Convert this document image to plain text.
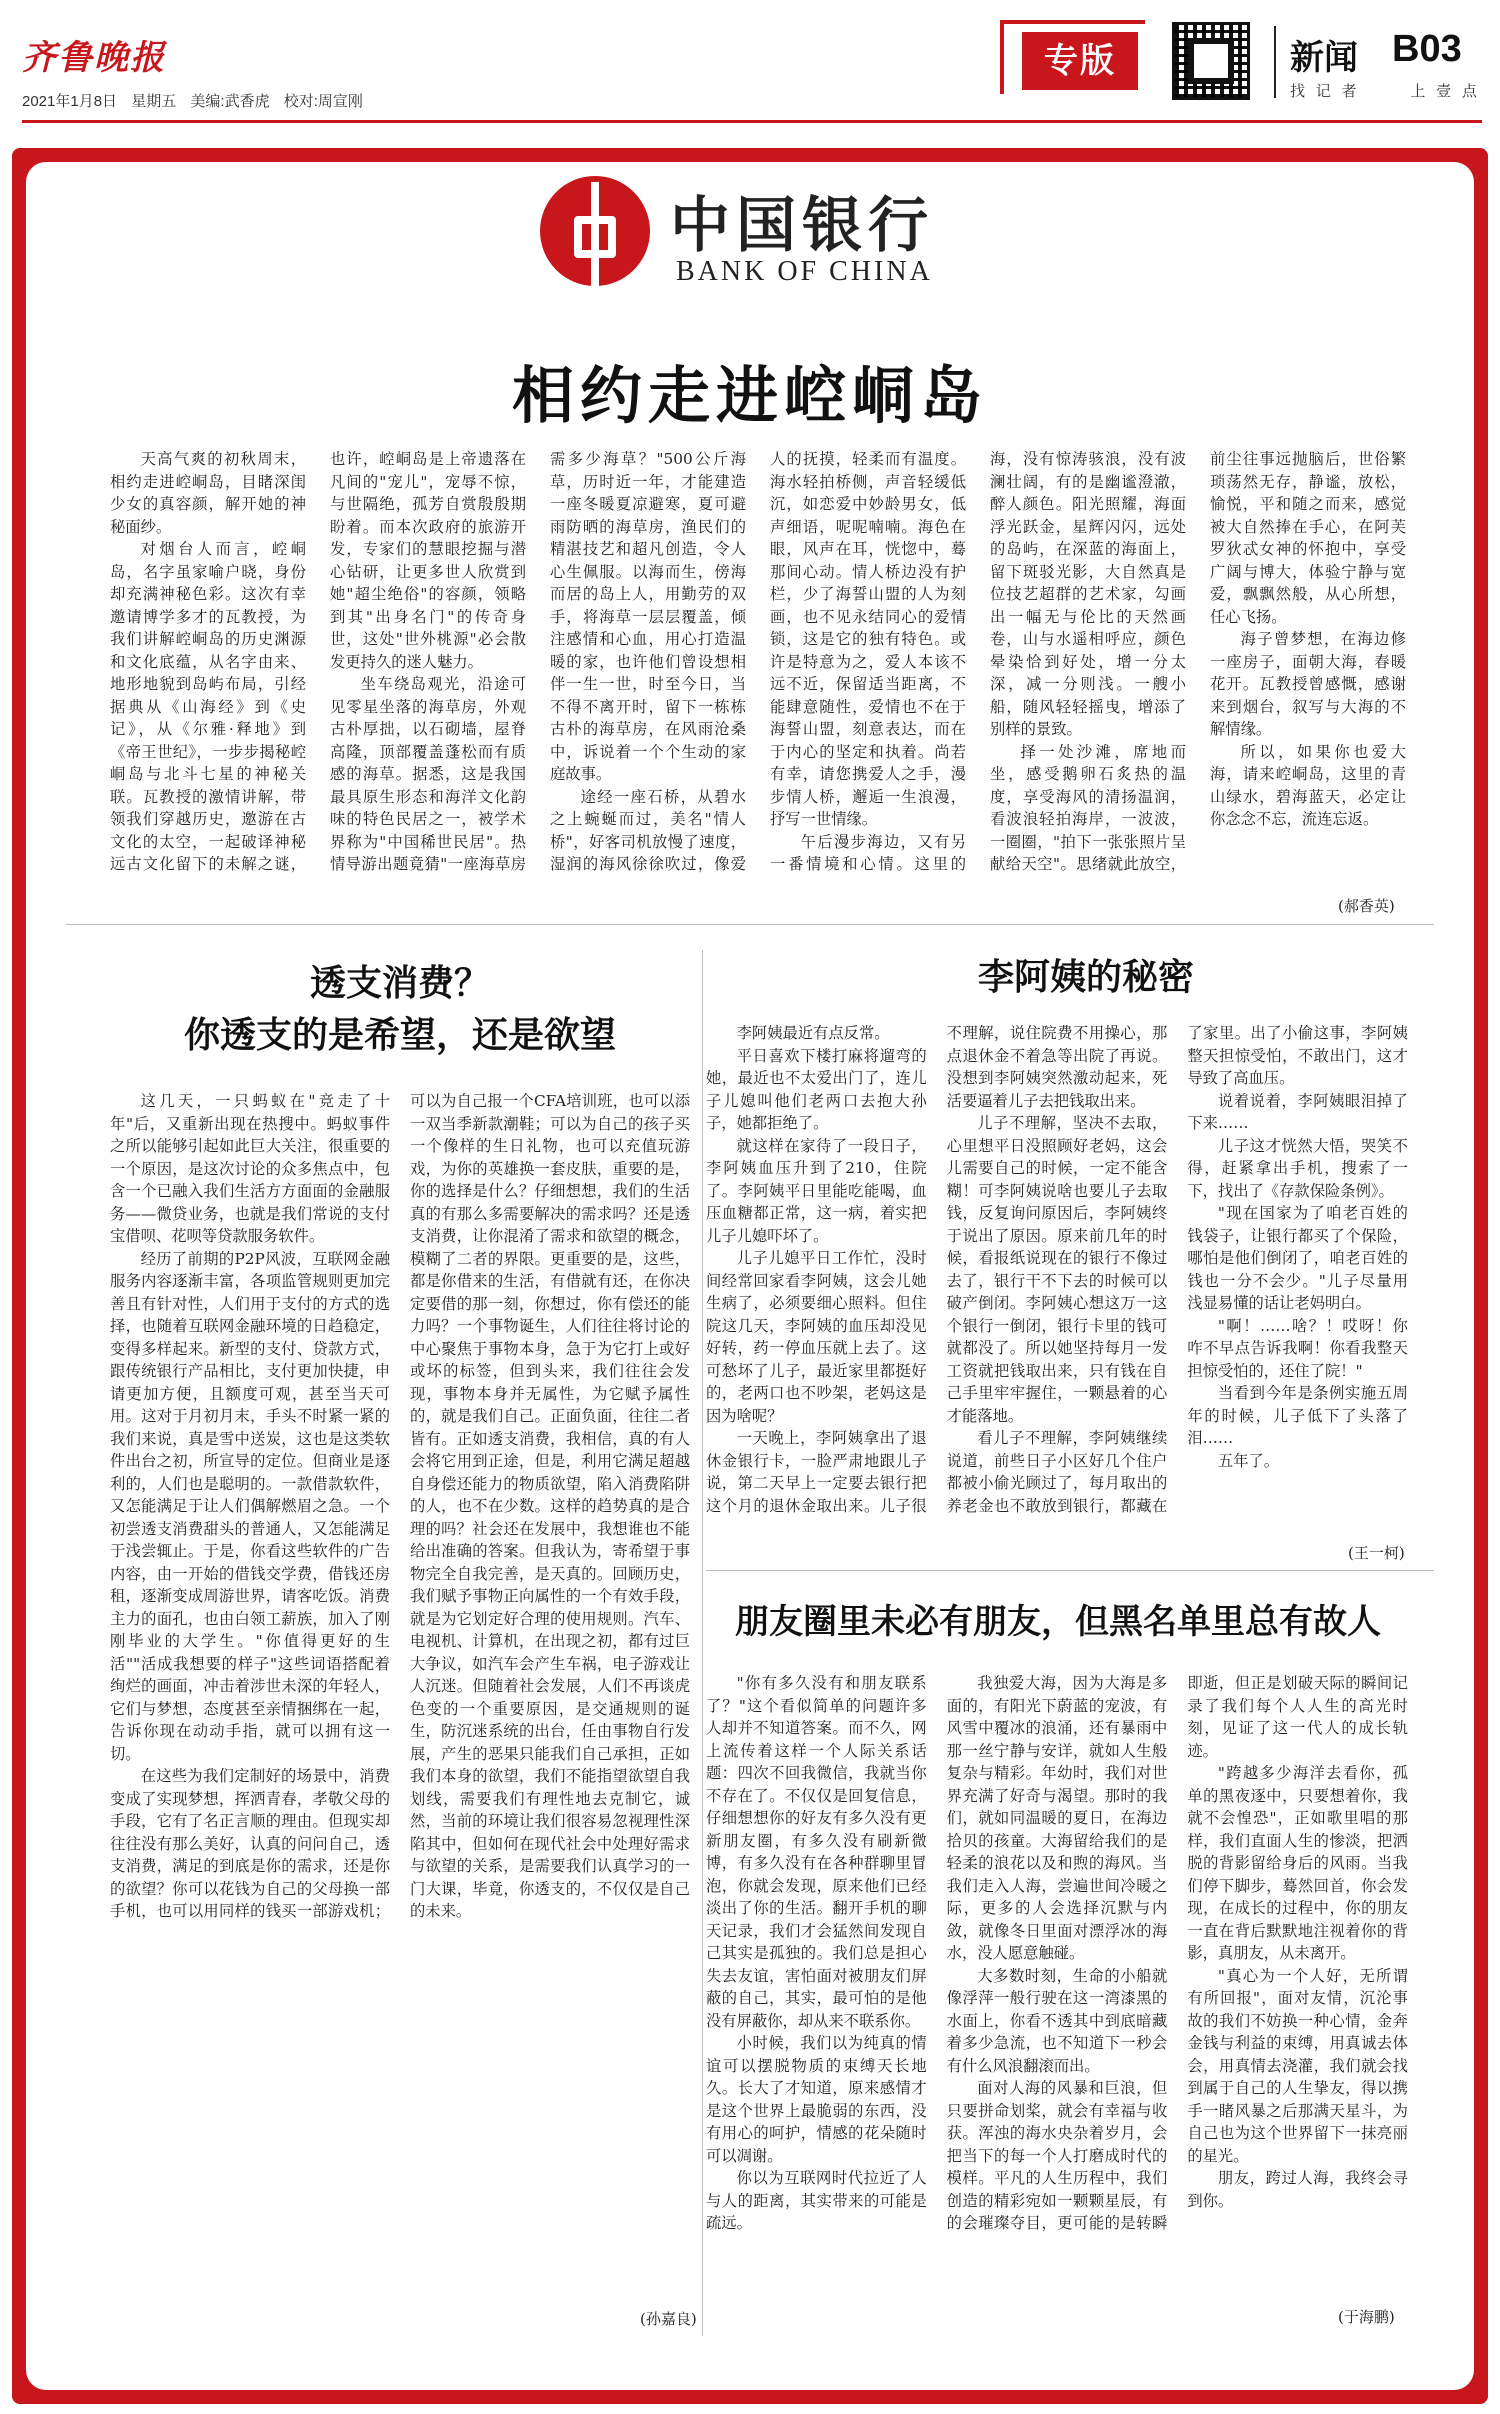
齐鲁晚报
2021年1月8日 星期五 美编:武香虎 校对:周宣刚
专版	新闻 B03
找 记 者	上 壹 点
中国银行
BANK OF CHINA
相约走进崆峒岛

天高气爽的初秋周末，相约走进崆峒岛，目睹深闺少女的真容颜，解开她的神秘面纱。

对烟台人而言，崆峒岛，名字虽家喻户晓，身份却充满神秘色彩。这次有幸邀请博学多才的瓦教授，为我们讲解崆峒岛的历史渊源和文化底蕴，从名字由来、地形地貌到岛屿布局，引经据典从《山海经》到《史记》，从《尔雅·释地》到《帝王世纪》，一步步揭秘崆峒岛与北斗七星的神秘关联。瓦教授的激情讲解，带领我们穿越历史，邀游在古文化的太空，一起破译神秘远古文化留下的未解之谜，也许，崆峒岛是上帝遗落在凡间的"宠儿"，宠辱不惊，与世隔绝，孤芳自赏殷殷期盼着。而本次政府的旅游开发，专家们的慧眼挖掘与潜心钻研，让更多世人欣赏到她"超尘绝俗"的容颜，领略到其"出身名门"的传奇身世，这处"世外桃源"必会散发更持久的迷人魅力。

坐车绕岛观光，沿途可见零星坐落的海草房，外观古朴厚拙，以石砌墙，屋脊高隆，顶部覆盖蓬松而有质感的海草。据悉，这是我国最具原生形态和海洋文化韵味的特色民居之一，被学术界称为"中国稀世民居"。热情导游出题竟猜"一座海草房需多少海草？"500公斤海草，历时近一年，才能建造一座冬暖夏凉避寒，夏可避雨防晒的海草房，渔民们的精湛技艺和超凡创造，令人心生佩服。以海而生，傍海而居的岛上人，用勤劳的双手，将海草一层层覆盖，倾注感情和心血，用心打造温暖的家，也许他们曾设想相伴一生一世，时至今日，当不得不离开时，留下一栋栋古朴的海草房，在风雨沧桑中，诉说着一个个生动的家庭故事。

途经一座石桥，从碧水之上蜿蜒而过，美名"情人桥"，好客司机放慢了速度，湿润的海风徐徐吹过，像爱人的抚摸，轻柔而有温度。海水轻拍桥侧，声音轻缓低沉，如恋爱中妙龄男女，低声细语，呢呢喃喃。海色在眼，风声在耳，恍惚中，蓦那间心动。情人桥边没有护栏，少了海誓山盟的人为刻画，也不见永结同心的爱情锁，这是它的独有特色。或许是特意为之，爱人本该不远不近，保留适当距离，不能肆意随性，爱情也不在于海誓山盟，刻意表达，而在于内心的坚定和执着。尚若有幸，请您携爱人之手，漫步情人桥，邂逅一生浪漫，抒写一世情缘。

午后漫步海边，又有另一番情境和心情。这里的海，没有惊涛骇浪，没有波澜壮阔，有的是幽谧澄澈，醉人颜色。阳光照耀，海面浮光跃金，星辉闪闪，远处的岛屿，在深蓝的海面上，留下斑驳光影，大自然真是位技艺超群的艺术家，勾画出一幅无与伦比的天然画卷，山与水遥相呼应，颜色晕染恰到好处，增一分太深，减一分则浅。一艘小船，随风轻轻摇曳，增添了别样的景致。

择一处沙滩，席地而坐，感受鹅卵石炙热的温度，享受海风的清扬温润，看波浪轻拍海岸，一波波，一圈圈，"拍下一张张照片呈献给天空"。思绪就此放空，前尘往事远抛脑后，世俗繁琐荡然无存，静谧，放松，愉悦，平和随之而来，感觉被大自然捧在手心，在阿芙罗狄忒女神的怀抱中，享受广阔与博大，体验宁静与宽爱，飘飘然般，从心所想，任心飞扬。

海子曾梦想，在海边修一座房子，面朝大海，春暖花开。瓦教授曾感慨，感谢来到烟台，叙写与大海的不解情缘。

所以，如果你也爱大海，请来崆峒岛，这里的青山绿水，碧海蓝天，必定让你念念不忘，流连忘返。

(郝香英)
透支消费？
你透支的是希望，还是欲望

这几天，一只蚂蚁在"竞走了十年"后，又重新出现在热搜中。蚂蚁事件之所以能够引起如此巨大关注，很重要的一个原因，是这次讨论的众多焦点中，包含一个已融入我们生活方方面面的金融服务——微贷业务，也就是我们常说的支付宝借呗、花呗等贷款服务软件。

经历了前期的P2P风波，互联网金融服务内容逐渐丰富，各项监管规则更加完善且有针对性，人们用于支付的方式的选择，也随着互联网金融环境的日趋稳定，变得多样起来。新型的支付、贷款方式，跟传统银行产品相比，支付更加快捷，申请更加方便，且额度可观，甚至当天可用。这对于月初月末，手头不时紧一紧的我们来说，真是雪中送炭，这也是这类软件出台之初，所宣导的定位。但商业是逐利的，人们也是聪明的。一款借款软件，又怎能满足于让人们偶解燃眉之急。一个初尝透支消费甜头的普通人，又怎能满足于浅尝辄止。于是，你看这些软件的广告内容，由一开始的借钱交学费，借钱还房租，逐渐变成周游世界，请客吃饭。消费主力的面孔，也由白领工薪族，加入了刚刚毕业的大学生。"你值得更好的生活""活成我想要的样子"这些词语搭配着绚烂的画面，冲击着涉世未深的年轻人，它们与梦想，态度甚至亲情捆绑在一起，告诉你现在动动手指，就可以拥有这一切。

在这些为我们定制好的场景中，消费变成了实现梦想，挥洒青春，孝敬父母的手段，它有了名正言顺的理由。但现实却往往没有那么美好，认真的问问自己，透支消费，满足的到底是你的需求，还是你的欲望？你可以花钱为自己的父母换一部手机，也可以用同样的钱买一部游戏机；可以为自己报一个CFA培训班，也可以添一双当季新款潮鞋；可以为自己的孩子买一个像样的生日礼物，也可以充值玩游戏，为你的英雄换一套皮肤，重要的是，你的选择是什么？仔细想想，我们的生活真的有那么多需要解决的需求吗？还是透支消费，让你混淆了需求和欲望的概念，模糊了二者的界限。更重要的是，这些，都是你借来的生活，有借就有还，在你决定要借的那一刻，你想过，你有偿还的能力吗？一个事物诞生，人们往往将讨论的中心聚焦于事物本身，急于为它打上或好或坏的标签，但到头来，我们往往会发现，事物本身并无属性，为它赋予属性的，就是我们自己。正面负面，往往二者皆有。正如透支消费，我相信，真的有人会将它用到正途，但是，利用它满足超越自身偿还能力的物质欲望，陷入消费陷阱的人，也不在少数。这样的趋势真的是合理的吗？社会还在发展中，我想谁也不能给出准确的答案。但我认为，寄希望于事物完全自我完善，是天真的。回顾历史，我们赋予事物正向属性的一个有效手段，就是为它划定好合理的使用规则。汽车、电视机、计算机，在出现之初，都有过巨大争议，如汽车会产生车祸，电子游戏让人沉迷。但随着社会发展，人们不再谈虎色变的一个重要原因，是交通规则的诞生，防沉迷系统的出台，任由事物自行发展，产生的恶果只能我们自己承担，正如我们本身的欲望，我们不能指望欲望自我划线，需要我们有理性地去克制它，诚然，当前的环境让我们很容易忽视理性深陷其中，但如何在现代社会中处理好需求与欲望的关系，是需要我们认真学习的一门大课，毕竟，你透支的，不仅仅是自己的未来。

(孙嘉良)
李阿姨的秘密

李阿姨最近有点反常。

平日喜欢下楼打麻将遛弯的她，最近也不太爱出门了，连儿子儿媳叫他们老两口去抱大孙子，她都拒绝了。

就这样在家待了一段日子，李阿姨血压升到了210，住院了。李阿姨平日里能吃能喝，血压血糖都正常，这一病，着实把儿子儿媳吓坏了。

儿子儿媳平日工作忙，没时间经常回家看李阿姨，这会儿她生病了，必须要细心照料。但住院这几天，李阿姨的血压却没见好转，药一停血压就上去了。这可愁坏了儿子，最近家里都挺好的，老两口也不吵架，老妈这是因为啥呢？

一天晚上，李阿姨拿出了退休金银行卡，一脸严肃地跟儿子说，第二天早上一定要去银行把这个月的退休金取出来。儿子很不理解，说住院费不用操心，那点退休金不着急等出院了再说。没想到李阿姨突然激动起来，死活要逼着儿子去把钱取出来。

儿子不理解，坚决不去取，心里想平日没照顾好老妈，这会儿需要自己的时候，一定不能含糊！可李阿姨说啥也要儿子去取钱，反复询问原因后，李阿姨终于说出了原因。原来前几年的时候，看报纸说现在的银行不像过去了，银行干不下去的时候可以破产倒闭。李阿姨心想这万一这个银行一倒闭，银行卡里的钱可就都没了。所以她坚持每月一发工资就把钱取出来，只有钱在自己手里牢牢握住，一颗悬着的心才能落地。

看儿子不理解，李阿姨继续说道，前些日子小区好几个住户都被小偷光顾过了，每月取出的养老金也不敢放到银行，都藏在了家里。出了小偷这事，李阿姨整天担惊受怕，不敢出门，这才导致了高血压。

说着说着，李阿姨眼泪掉了下来……

儿子这才恍然大悟，哭笑不得，赶紧拿出手机，搜索了一下，找出了《存款保险条例》。

"现在国家为了咱老百姓的钱袋子，让银行都买了个保险，哪怕是他们倒闭了，咱老百姓的钱也一分不会少。"儿子尽量用浅显易懂的话让老妈明白。

"啊！……啥？！哎呀！你咋不早点告诉我啊！你看我整天担惊受怕的，还住了院！"

当看到今年是条例实施五周年的时候，儿子低下了头落了泪……

五年了。

(王一柯)
朋友圈里未必有朋友，但黑名单里总有故人

"你有多久没有和朋友联系了？"这个看似简单的问题许多人却并不知道答案。而不久，网上流传着这样一个人际关系话题：四次不回我微信，我就当你不存在了。不仅仅是回复信息，仔细想想你的好友有多久没有更新朋友圈，有多久没有刷新微博，有多久没有在各种群聊里冒泡，你就会发现，原来他们已经淡出了你的生活。翻开手机的聊天记录，我们才会猛然间发现自己其实是孤独的。我们总是担心失去友谊，害怕面对被朋友们屏蔽的自己，其实，最可怕的是他没有屏蔽你，却从来不联系你。

小时候，我们以为纯真的情谊可以摆脱物质的束缚天长地久。长大了才知道，原来感情才是这个世界上最脆弱的东西，没有用心的呵护，情感的花朵随时可以凋谢。

你以为互联网时代拉近了人与人的距离，其实带来的可能是疏远。

我独爱大海，因为大海是多面的，有阳光下蔚蓝的宠波，有风雪中覆冰的浪涌，还有暴雨中那一丝宁静与安详，就如人生般复杂与精彩。年幼时，我们对世界充满了好奇与渴望。那时的我们，就如同温暖的夏日，在海边拾贝的孩童。大海留给我们的是轻柔的浪花以及和煦的海风。当我们走入人海，尝遍世间冷暖之际，更多的人会选择沉默与内敛，就像冬日里面对漂浮冰的海水，没人愿意触碰。

大多数时刻，生命的小船就像浮萍一般行驶在这一湾漆黑的水面上，你看不透其中到底暗藏着多少急流，也不知道下一秒会有什么风浪翻滚而出。

面对人海的风暴和巨浪，但只要拼命划桨，就会有幸福与收获。浑浊的海水央杂着岁月，会把当下的每一个人打磨成时代的模样。平凡的人生历程中，我们创造的精彩宛如一颗颗星辰，有的会璀璨夺目，更可能的是转瞬即逝，但正是划破天际的瞬间记录了我们每个人人生的高光时刻，见证了这一代人的成长轨迹。

"跨越多少海洋去看你，孤单的黑夜逐中，只要想着你，我就不会惶恐"，正如歌里唱的那样，我们直面人生的惨淡，把洒脱的背影留给身后的风雨。当我们停下脚步，蓦然回首，你会发现，在成长的过程中，你的朋友一直在背后默默地注视着你的背影，真朋友，从未离开。

"真心为一个人好，无所谓有所回报"，面对友情，沉沦事故的我们不妨换一种心情，金奔金钱与利益的束缚，用真诚去体会，用真情去浇灌，我们就会找到属于自己的人生挚友，得以携手一睹风暴之后那满天星斗，为自己也为这个世界留下一抹亮丽的星光。

朋友，跨过人海，我终会寻到你。

(于海鹏)
